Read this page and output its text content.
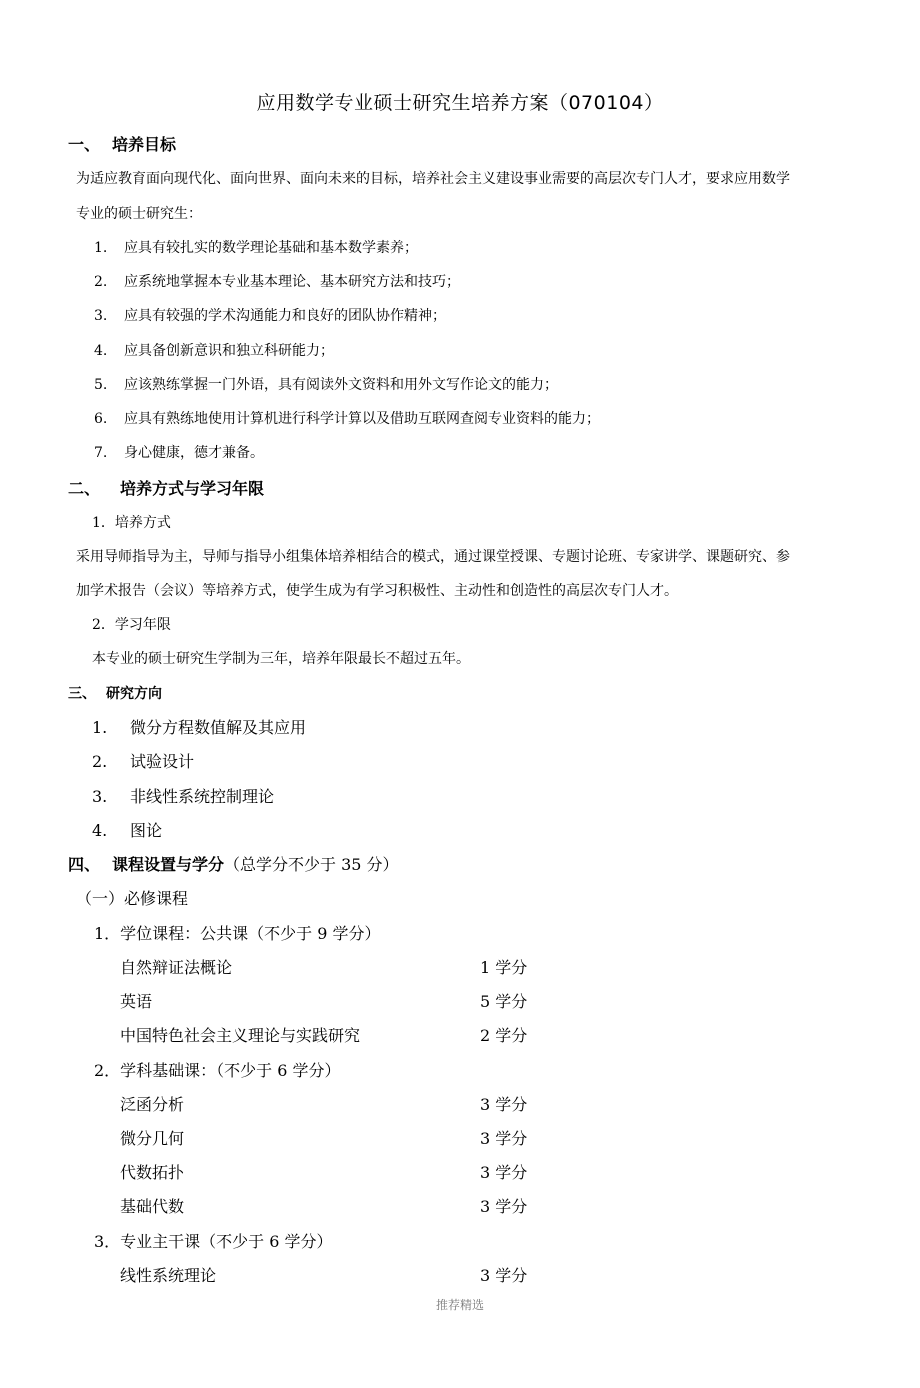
应用数学专业硕士研究生培养方案（070104）
一、 培养目标
为适应教育面向现代化、面向世界、面向未来的目标，培养社会主义建设事业需要的高层次专门人才，要求应用数学
专业的硕士研究生：
1. 应具有较扎实的数学理论基础和基本数学素养；
2. 应系统地掌握本专业基本理论、基本研究方法和技巧；
3. 应具有较强的学术沟通能力和良好的团队协作精神；
4. 应具备创新意识和独立科研能力；
5. 应该熟练掌握一门外语，具有阅读外文资料和用外文写作论文的能力；
6. 应具有熟练地使用计算机进行科学计算以及借助互联网查阅专业资料的能力；
7. 身心健康，德才兼备。
二、 培养方式与学习年限
1．培养方式
采用导师指导为主，导师与指导小组集体培养相结合的模式，通过课堂授课、专题讨论班、专家讲学、课题研究、参
加学术报告（会议）等培养方式，使学生成为有学习积极性、主动性和创造性的高层次专门人才。
2．学习年限
本专业的硕士研究生学制为三年，培养年限最长不超过五年。
三、 研究方向
1. 微分方程数值解及其应用
2. 试验设计
3. 非线性系统控制理论
4. 图论
四、 课程设置与学分（总学分不少于 35 分）
（一）必修课程
1．学位课程：公共课（不少于 9 学分）
自然辩证法概论	1 学分
英语	5 学分
中国特色社会主义理论与实践研究	2 学分
2．学科基础课：（不少于 6 学分）
泛函分析	3 学分
微分几何	3 学分
代数拓扑	3 学分
基础代数	3 学分
3．专业主干课（不少于 6 学分）
线性系统理论	3 学分
推荐精选
